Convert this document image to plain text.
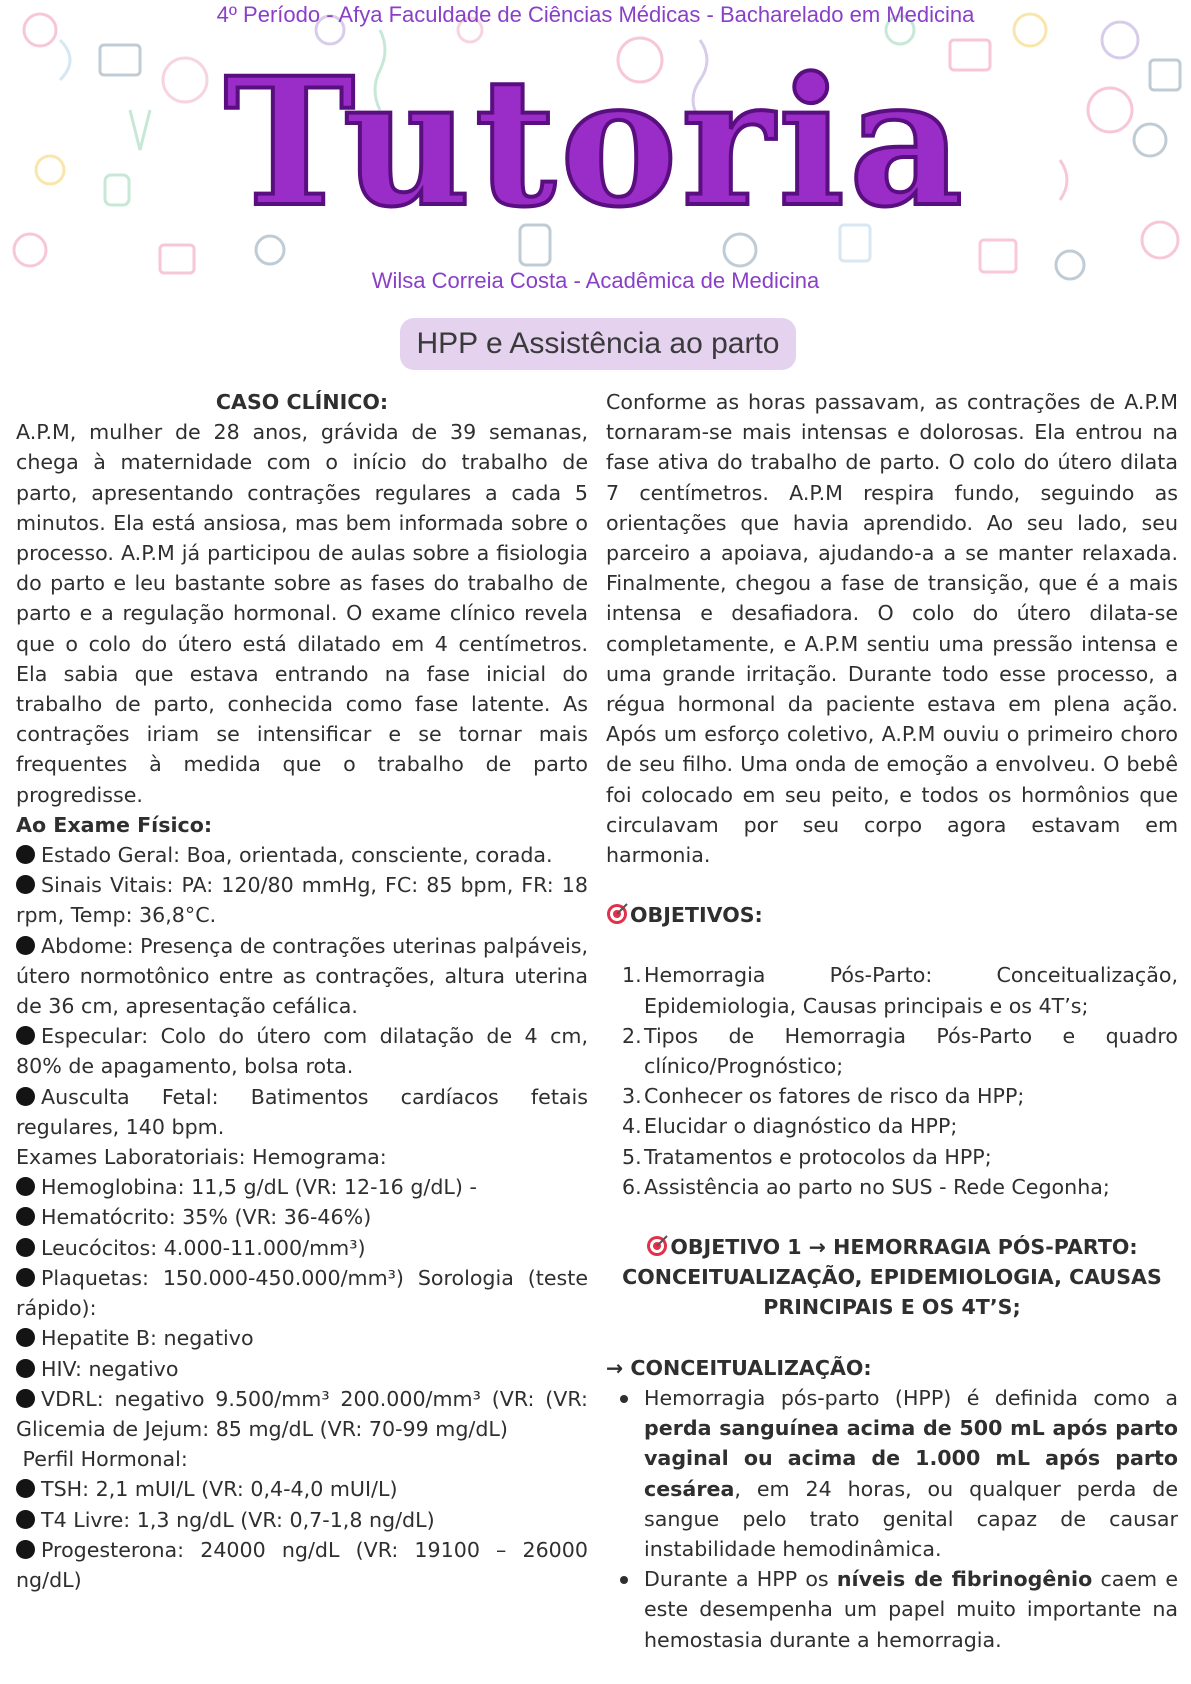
4º Período - Afya Faculdade de Ciências Médicas - Bacharelado em Medicina
Tutoria
Wilsa Correia Costa - Acadêmica de Medicina
HPP e Assistência ao parto

CASO CLÍNICO:

A.P.M, mulher de 28 anos, grávida de 39 semanas, chega à maternidade com o início do trabalho de parto, apresentando contrações regulares a cada 5 minutos. Ela está ansiosa, mas bem informada sobre o processo. A.P.M já participou de aulas sobre a fisiologia do parto e leu bastante sobre as fases do trabalho de parto e a regulação hormonal. O exame clínico revela que o colo do útero está dilatado em 4 centímetros. Ela sabia que estava entrando na fase inicial do trabalho de parto, conhecida como fase latente. As contrações iriam se intensificar e se tornar mais frequentes à medida que o trabalho de parto progredisse.

Ao Exame Físico:

Estado Geral: Boa, orientada, consciente, corada.

Sinais Vitais: PA: 120/80 mmHg, FC: 85 bpm, FR: 18 rpm, Temp: 36,8°C.

Abdome: Presença de contrações uterinas palpáveis, útero normotônico entre as contrações, altura uterina de 36 cm, apresentação cefálica.

Especular: Colo do útero com dilatação de 4 cm, 80% de apagamento, bolsa rota.

Ausculta Fetal: Batimentos cardíacos fetais regulares, 140 bpm.

Exames Laboratoriais: Hemograma:

Hemoglobina: 11,5 g/dL (VR: 12-16 g/dL) -

Hematócrito: 35% (VR: 36-46%)

Leucócitos: 4.000-11.000/mm³)

Plaquetas: 150.000-450.000/mm³) Sorologia (teste rápido):

Hepatite B: negativo

HIV: negativo

VDRL: negativo 9.500/mm³ 200.000/mm³ (VR: (VR: Glicemia de Jejum: 85 mg/dL (VR: 70-99 mg/dL)

Perfil Hormonal:

TSH: 2,1 mUI/L (VR: 0,4-4,0 mUI/L)

T4 Livre: 1,3 ng/dL (VR: 0,7-1,8 ng/dL)

Progesterona: 24000 ng/dL (VR: 19100 – 26000 ng/dL)

Conforme as horas passavam, as contrações de A.P.M tornaram-se mais intensas e dolorosas. Ela entrou na fase ativa do trabalho de parto. O colo do útero dilata 7 centímetros. A.P.M respira fundo, seguindo as orientações que havia aprendido. Ao seu lado, seu parceiro a apoiava, ajudando-a a se manter relaxada. Finalmente, chegou a fase de transição, que é a mais intensa e desafiadora. O colo do útero dilata-se completamente, e A.P.M sentiu uma pressão intensa e uma grande irritação. Durante todo esse processo, a régua hormonal da paciente estava em plena ação. Após um esforço coletivo, A.P.M ouviu o primeiro choro de seu filho. Uma onda de emoção a envolveu. O bebê foi colocado em seu peito, e todos os hormônios que circulavam por seu corpo agora estavam em harmonia.

OBJETIVOS:

1. Hemorragia Pós-Parto: Conceitualização, Epidemiologia, Causas principais e os 4T’s;
2. Tipos de Hemorragia Pós-Parto e quadro clínico/Prognóstico;
3. Conhecer os fatores de risco da HPP;
4. Elucidar o diagnóstico da HPP;
5. Tratamentos e protocolos da HPP;
6. Assistência ao parto no SUS - Rede Cegonha;

OBJETIVO 1 → HEMORRAGIA PÓS-PARTO:
CONCEITUALIZAÇÃO, EPIDEMIOLOGIA, CAUSAS
PRINCIPAIS E OS 4T’S;

→ CONCEITUALIZAÇÃO:

Hemorragia pós-parto (HPP) é definida como a perda sanguínea acima de 500 mL após parto vaginal ou acima de 1.000 mL após parto cesárea, em 24 horas, ou qualquer perda de sangue pelo trato genital capaz de causar instabilidade hemodinâmica.
Durante a HPP os níveis de fibrinogênio caem e este desempenha um papel muito importante na hemostasia durante a hemorragia.
